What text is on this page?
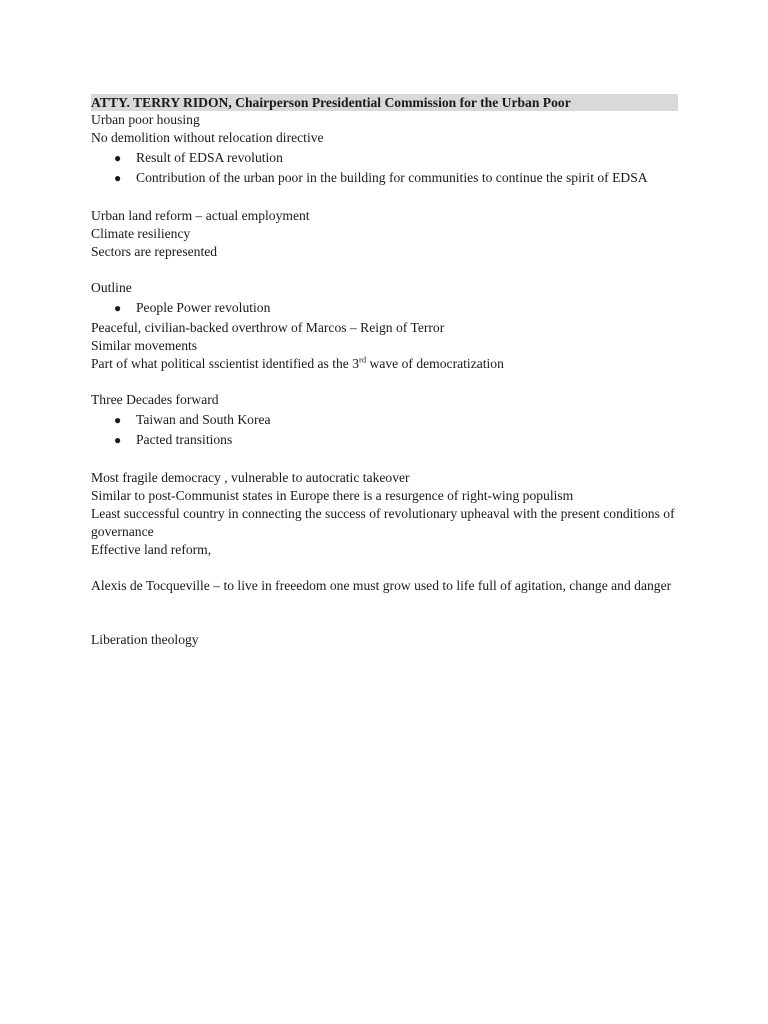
ATTY. TERRY RIDON, Chairperson Presidential Commission for the Urban Poor
Urban poor housing
No demolition without relocation directive
● Result of EDSA revolution
● Contribution of the urban poor in the building for communities to continue the spirit of EDSA
Urban land reform – actual employment
Climate resiliency
Sectors are represented
Outline
● People Power revolution
Peaceful, civilian-backed overthrow of Marcos – Reign of Terror
Similar movements
Part of what political sscientist identified as the 3rd wave of democratization
Three Decades forward
● Taiwan and South Korea
● Pacted transitions
Most fragile democracy , vulnerable to autocratic takeover
Similar to post-Communist states in Europe there is a resurgence of right-wing populism
Least successful country in connecting the success of revolutionary upheaval with the present conditions of governance
Effective land reform,
Alexis de Tocqueville – to live in freeedom one must grow used to life full of agitation, change and danger
Liberation theology
